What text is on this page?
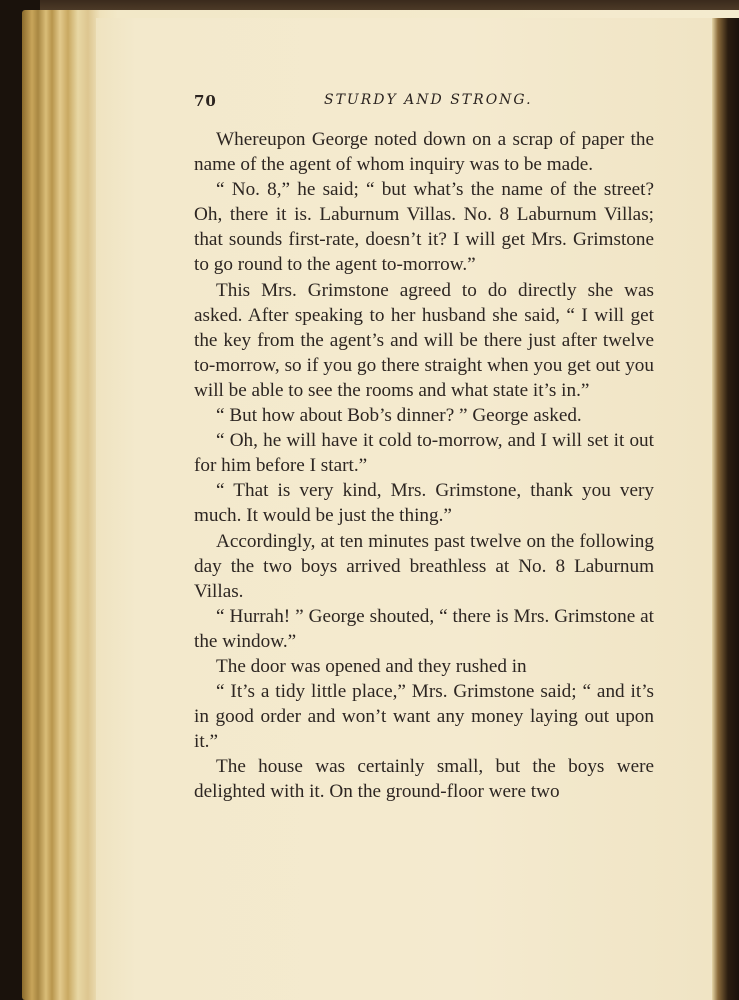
70	STURDY AND STRONG.

Whereupon George noted down on a scrap of paper the name of the agent of whom inquiry was to be made.

“ No. 8,” he said; “ but what’s the name of the street? Oh, there it is. Laburnum Villas. No. 8 Laburnum Villas; that sounds first-rate, doesn’t it? I will get Mrs. Grimstone to go round to the agent to-morrow.”

This Mrs. Grimstone agreed to do directly she was asked. After speaking to her husband she said, “ I will get the key from the agent’s and will be there just after twelve to-morrow, so if you go there straight when you get out you will be able to see the rooms and what state it’s in.”

“ But how about Bob’s dinner? ” George asked.

“ Oh, he will have it cold to-morrow, and I will set it out for him before I start.”

“ That is very kind, Mrs. Grimstone, thank you very much. It would be just the thing.”

Accordingly, at ten minutes past twelve on the following day the two boys arrived breathless at No. 8 Laburnum Villas.

“ Hurrah! ” George shouted, “ there is Mrs. Grimstone at the window.”

The door was opened and they rushed in

“ It’s a tidy little place,” Mrs. Grimstone said; “ and it’s in good order and won’t want any money laying out upon it.”

The house was certainly small, but the boys were delighted with it. On the ground-floor were two
